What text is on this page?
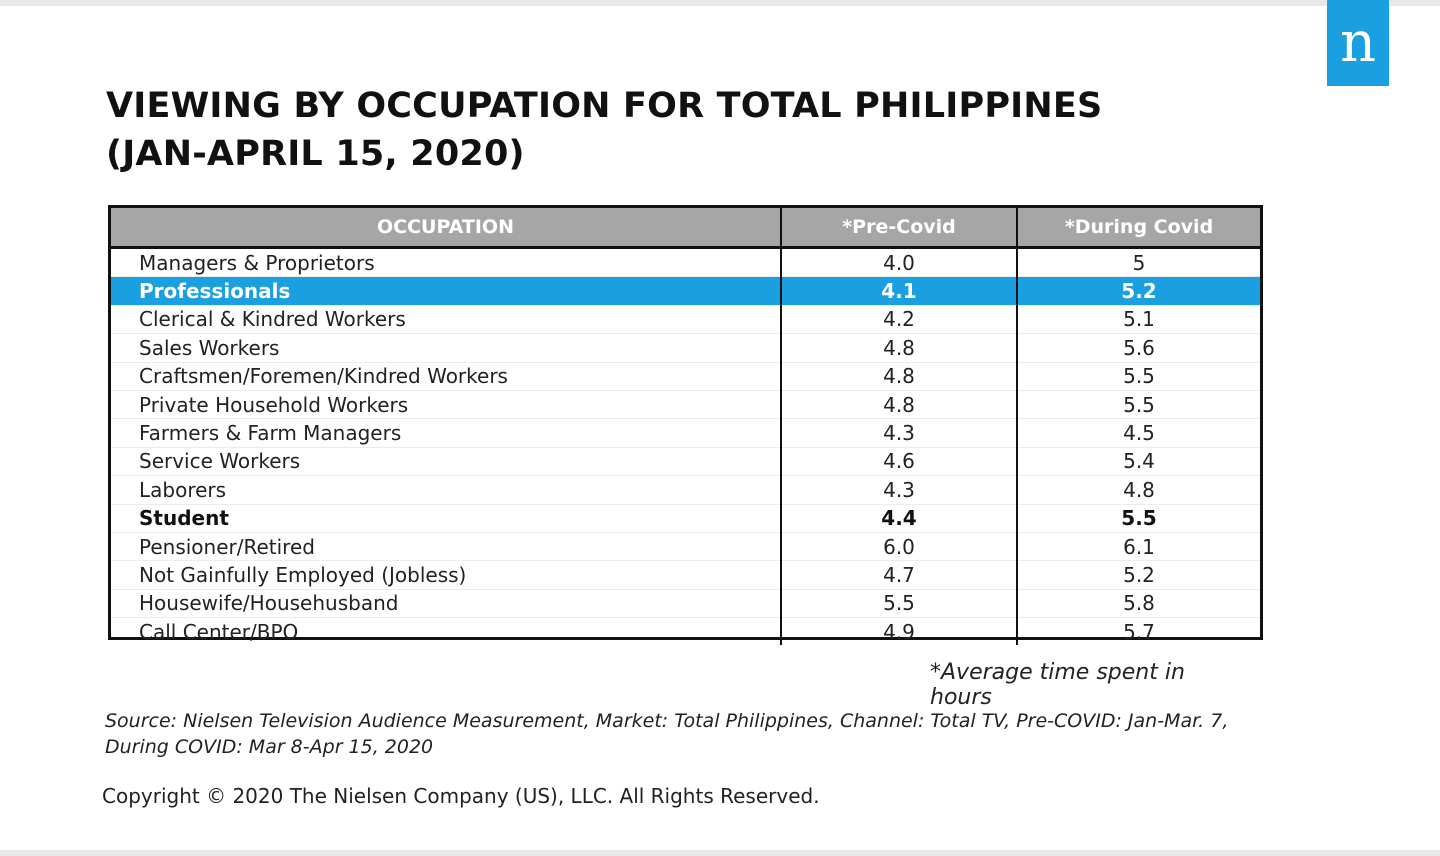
n
VIEWING BY OCCUPATION FOR TOTAL PHILIPPINES
(JAN-APRIL 15, 2020)
OCCUPATION	*Pre-Covid	*During Covid
Managers & Proprietors	4.0	5
Professionals	4.1	5.2
Clerical & Kindred Workers	4.2	5.1
Sales Workers	4.8	5.6
Craftsmen/Foremen/Kindred Workers	4.8	5.5
Private Household Workers	4.8	5.5
Farmers & Farm Managers	4.3	4.5
Service Workers	4.6	5.4
Laborers	4.3	4.8
Student	4.4	5.5
Pensioner/Retired	6.0	6.1
Not Gainfully Employed (Jobless)	4.7	5.2
Housewife/Househusband	5.5	5.8
Call Center/BPO	4.9	5.7
*Average time spent in hours
Source: Nielsen Television Audience Measurement, Market: Total Philippines, Channel: Total TV, Pre-COVID: Jan-Mar. 7, During COVID: Mar 8-Apr 15, 2020
Copyright © 2020 The Nielsen Company (US), LLC. All Rights Reserved.
